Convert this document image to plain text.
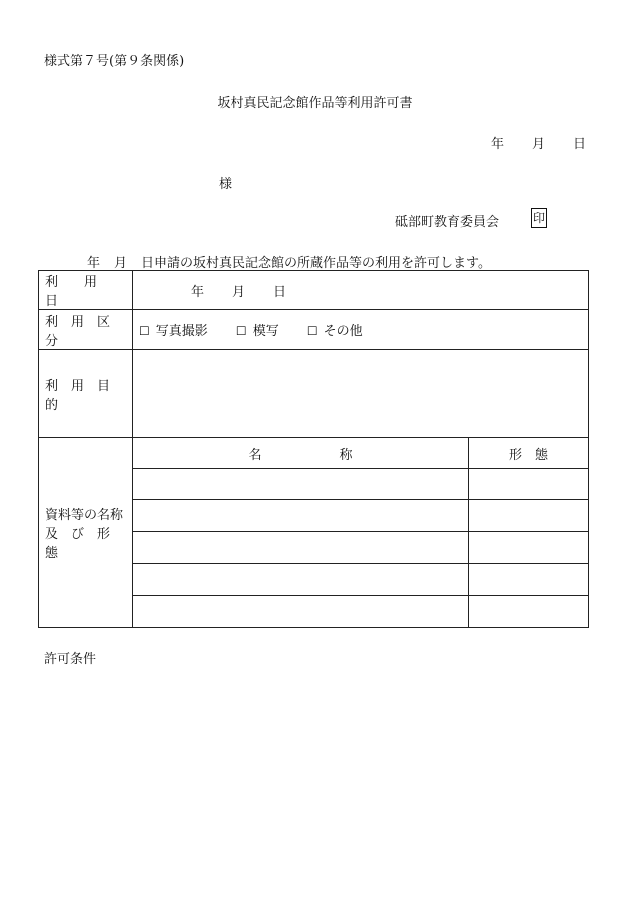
様式第７号(第９条関係)
坂村真民記念館作品等利用許可書
年 月 日
様
砥部町教育委員会	印
年 月 日申請の坂村真民記念館の所蔵作品等の利用を許可します。
利　　用　　日	年 月 日	
利　用　区　分	☐ 写真撮影 ☐ 模写 ☐ その他	
利　用　目　的		

資料等の名称
及　び　形　態	名　　　　　　称	形　態

許可条件
